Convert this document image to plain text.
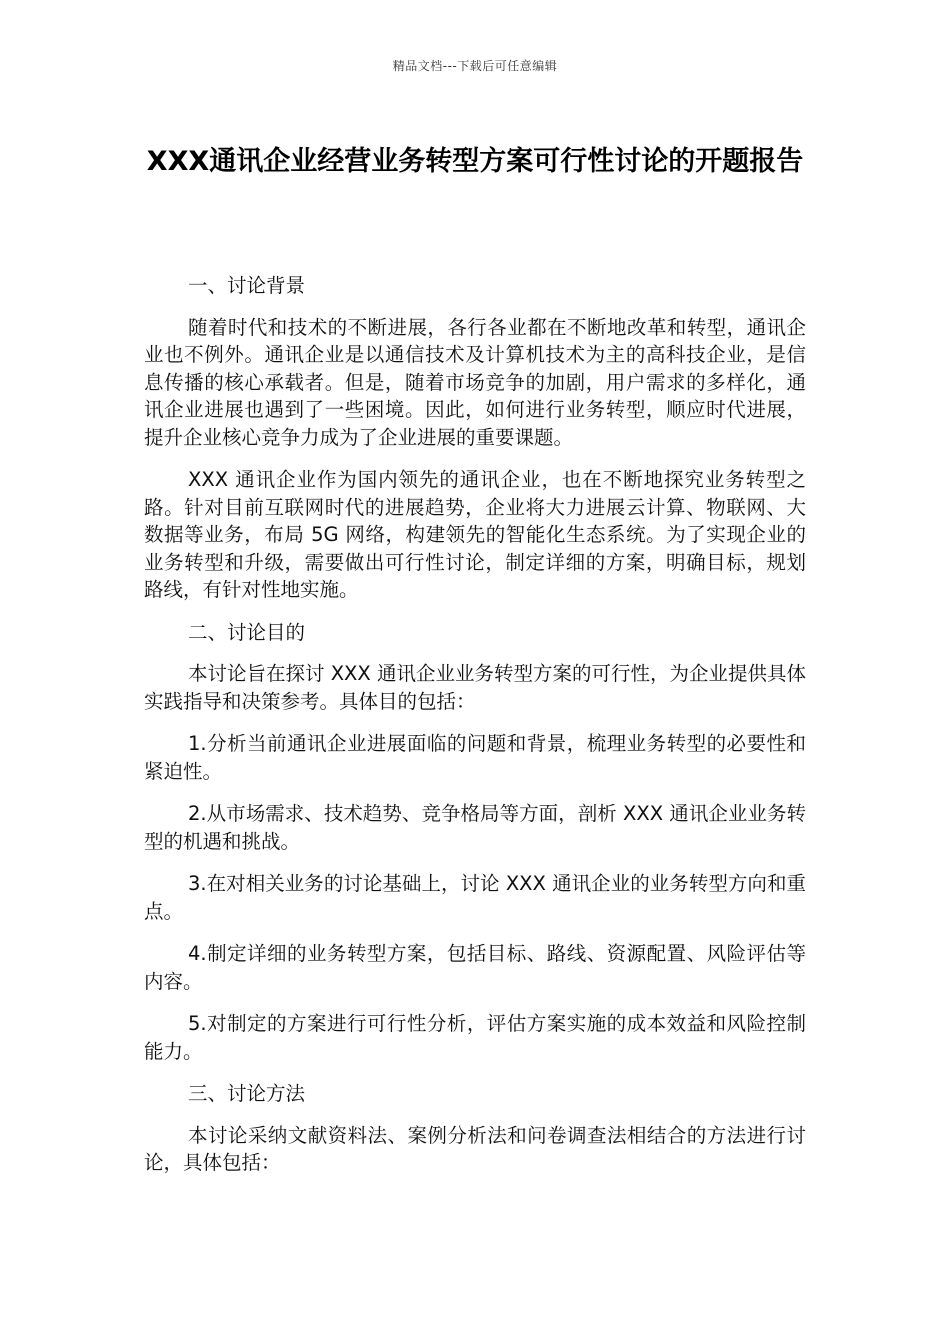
精品文档---下载后可任意编辑
XXX通讯企业经营业务转型方案可行性讨论的开题报告

一、讨论背景

随着时代和技术的不断进展，各行各业都在不断地改革和转型，通讯企业也不例外。通讯企业是以通信技术及计算机技术为主的高科技企业，是信息传播的核心承载者。但是，随着市场竞争的加剧，用户需求的多样化，通讯企业进展也遇到了一些困境。因此，如何进行业务转型，顺应时代进展，提升企业核心竞争力成为了企业进展的重要课题。

XXX 通讯企业作为国内领先的通讯企业，也在不断地探究业务转型之路。针对目前互联网时代的进展趋势，企业将大力进展云计算、物联网、大数据等业务，布局 5G 网络，构建领先的智能化生态系统。为了实现企业的业务转型和升级，需要做出可行性讨论，制定详细的方案，明确目标，规划路线，有针对性地实施。

二、讨论目的

本讨论旨在探讨 XXX 通讯企业业务转型方案的可行性，为企业提供具体实践指导和决策参考。具体目的包括：

1.分析当前通讯企业进展面临的问题和背景，梳理业务转型的必要性和紧迫性。

2.从市场需求、技术趋势、竞争格局等方面，剖析 XXX 通讯企业业务转型的机遇和挑战。

3.在对相关业务的讨论基础上，讨论 XXX 通讯企业的业务转型方向和重点。

4.制定详细的业务转型方案，包括目标、路线、资源配置、风险评估等内容。

5.对制定的方案进行可行性分析，评估方案实施的成本效益和风险控制能力。

三、讨论方法

本讨论采纳文献资料法、案例分析法和问卷调查法相结合的方法进行讨论，具体包括：
